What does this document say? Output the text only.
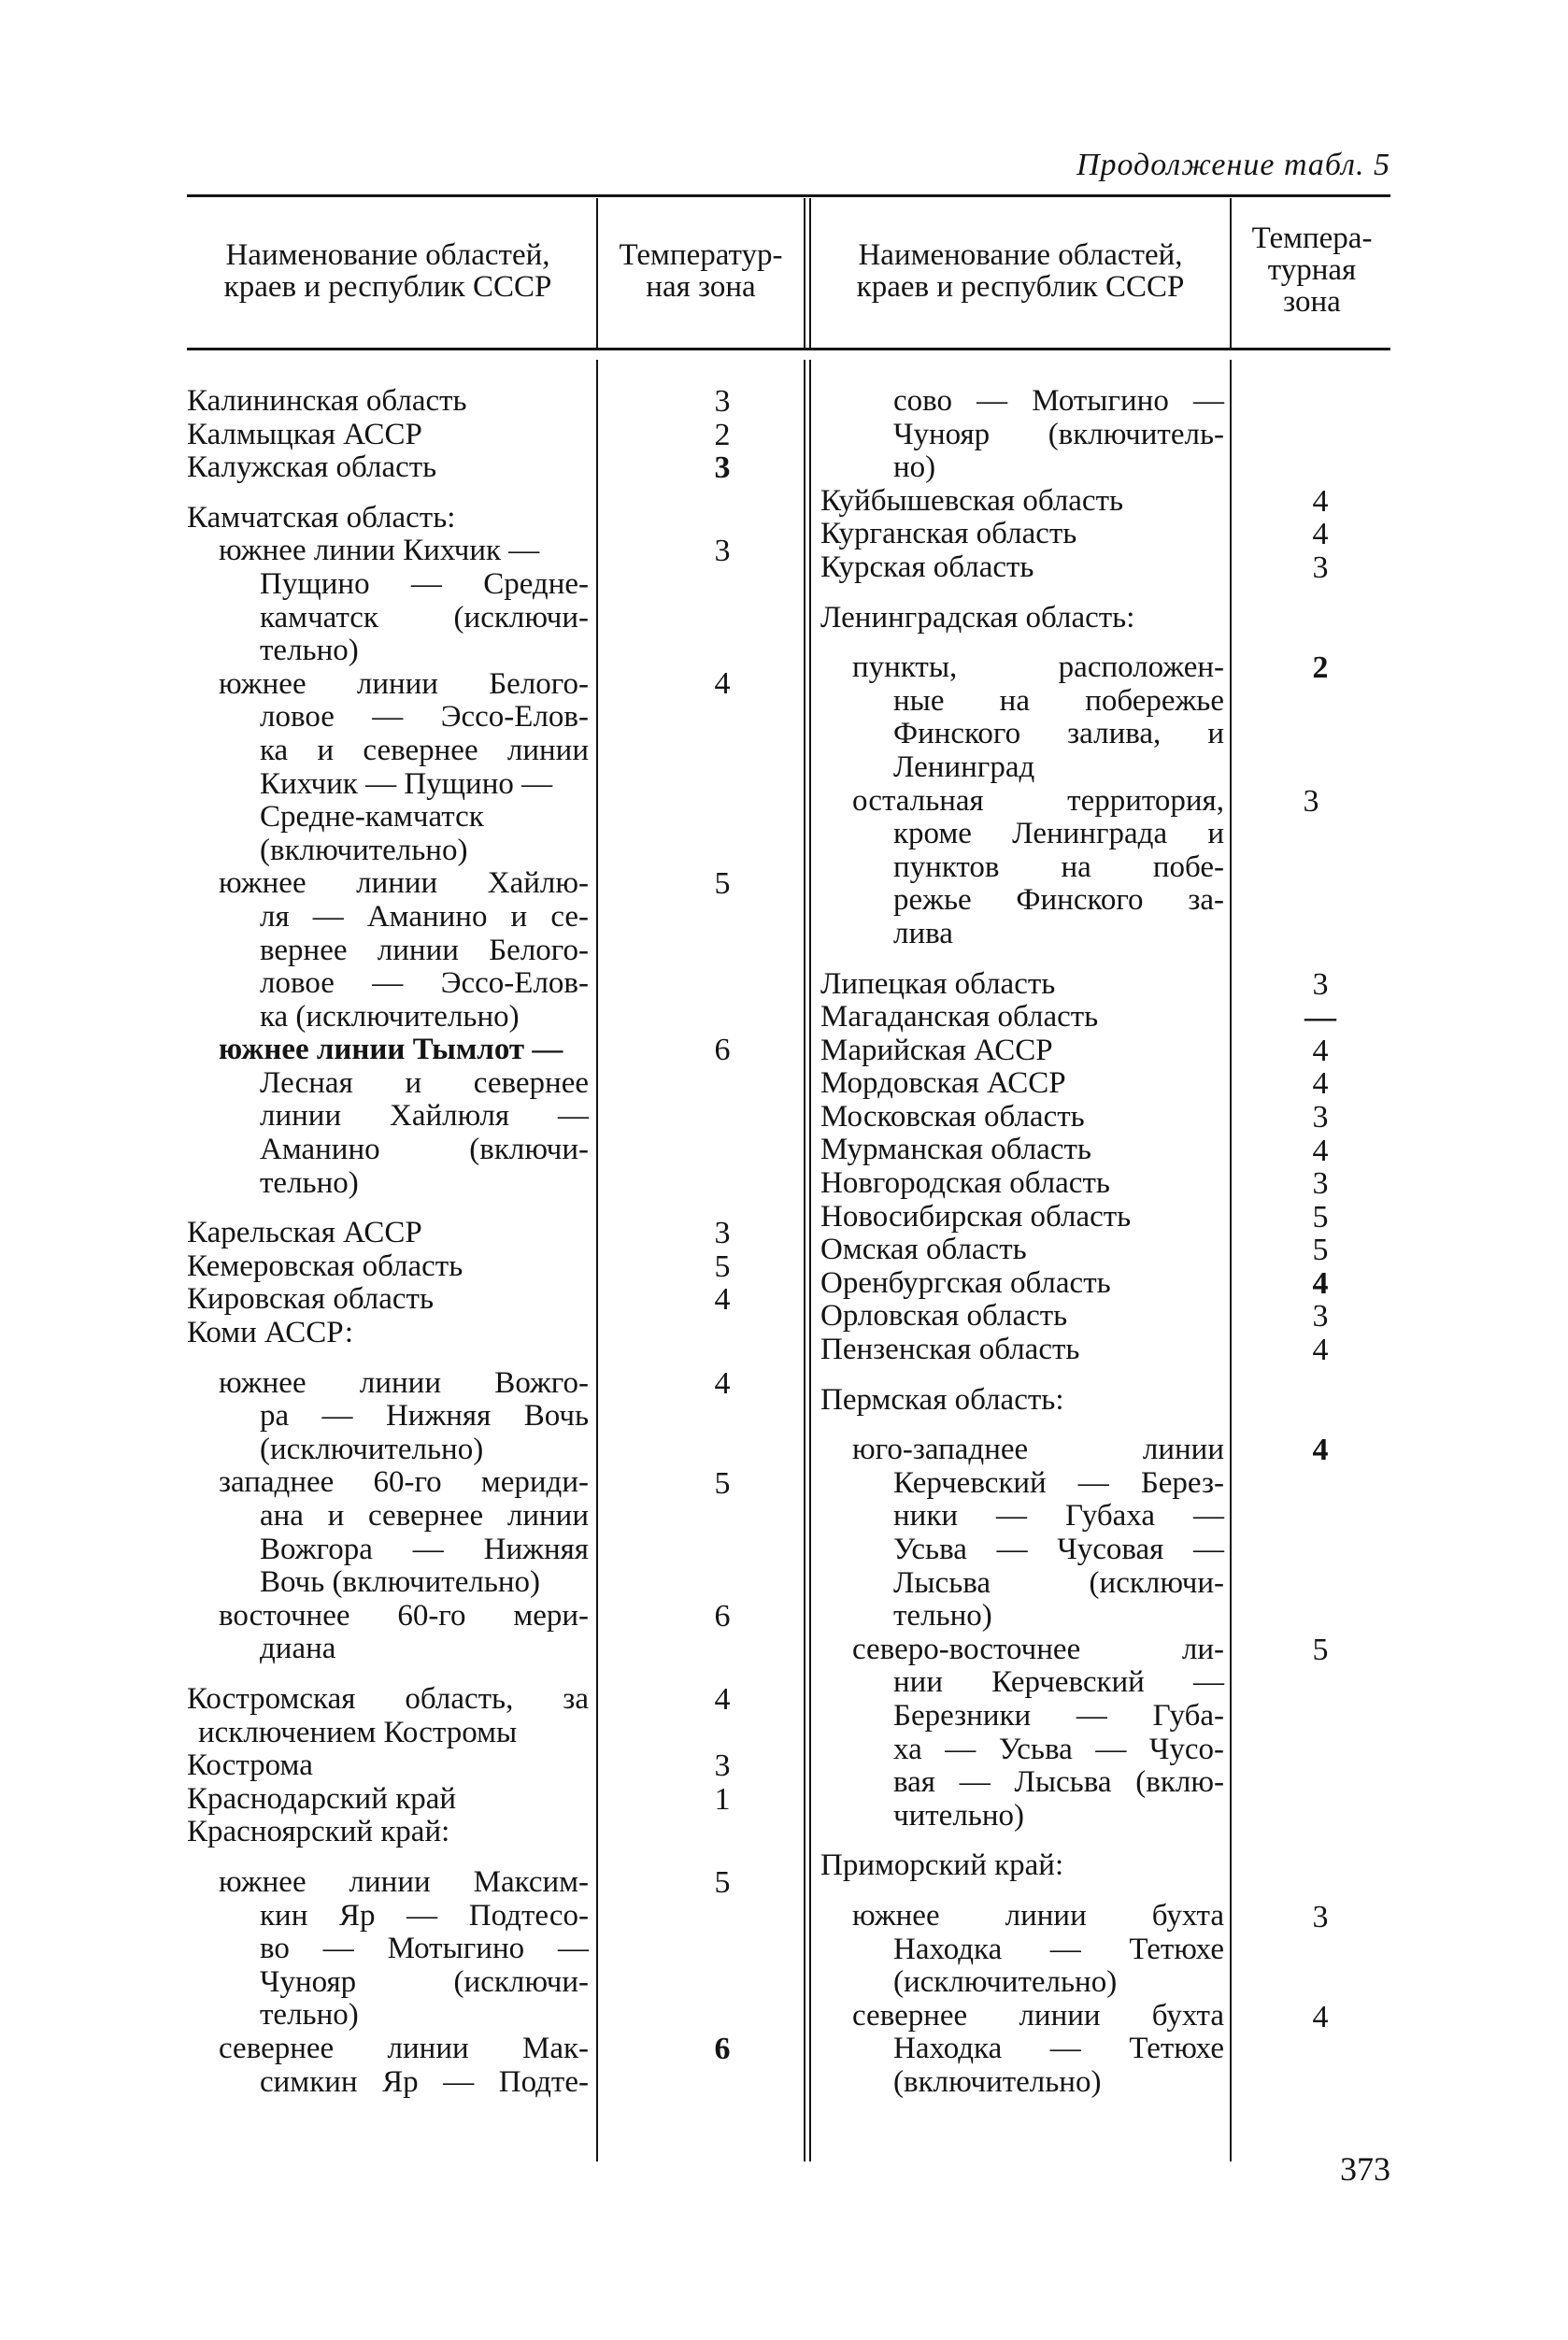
Продолжение табл. 5
Наименование областей,
краев и республик СССР
Температур-
ная зона
Наименование областей,
краев и республик СССР
Темпера-
турная
зона

Калининская область

Калмыцкая АССР

Калужская область

Камчатская область:

южнее линии Кихчик —

Пущино — Средне-

камчатск (исключи-

тельно)

южнее линии Белого-

ловое — Эссо-Елов-

ка и севернее линии

Кихчик — Пущино —

Средне-камчатск

(включительно)

южнее линии Хайлю-

ля — Аманино и се-

вернее линии Белого-

ловое — Эссо-Елов-

ка (исключительно)

южнее линии Тымлот —

Лесная и севернее

линии Хайлюля —

Аманино (включи-

тельно)

Карельская АССР

Кемеровская область

Кировская область

Коми АССР:

южнее линии Вожго-

ра — Нижняя Вочь

(исключительно)

западнее 60-го мериди-

ана и севернее линии

Вожгора — Нижняя

Вочь (включительно)

восточнее 60-го мери-

диана

Костромская область, за

исключением Костромы

Кострома

Краснодарский край

Красноярский край:

южнее линии Максим-

кин Яр — Подтесо-

во — Мотыгино —

Чунояр (исключи-

тельно)

севернее линии Мак-

симкин Яр — Подте-

3
2
3
3
4
5
6
3
5
4
4
5
6
4
3
1
5
6

сово — Мотыгино —

Чунояр (включитель-

но)

Куйбышевская область

Курганская область

Курская область

Ленинградская область:

пункты, расположен-

ные на побережье

Финского залива, и

Ленинград

остальная территория,

кроме Ленинграда и

пунктов на побе-

режье Финского за-

лива

Липецкая область

Магаданская область

Марийская АССР

Мордовская АССР

Московская область

Мурманская область

Новгородская область

Новосибирская область

Омская область

Оренбургская область

Орловская область

Пензенская область

Пермская область:

юго-западнее линии

Керчевский — Берез-

ники — Губаха —

Усьва — Чусовая —

Лысьва (исключи-

тельно)

северо-восточнее ли-

нии Керчевский —

Березники — Губа-

ха — Усьва — Чусо-

вая — Лысьва (вклю-

чительно)

Приморский край:

южнее линии бухта

Находка — Тетюхе

(исключительно)

севернее линии бухта

Находка — Тетюхе

(включительно)

4
4
3
2
3
3
—
4
4
3
4
3
5
5
4
3
4
4
5
3
4
373
